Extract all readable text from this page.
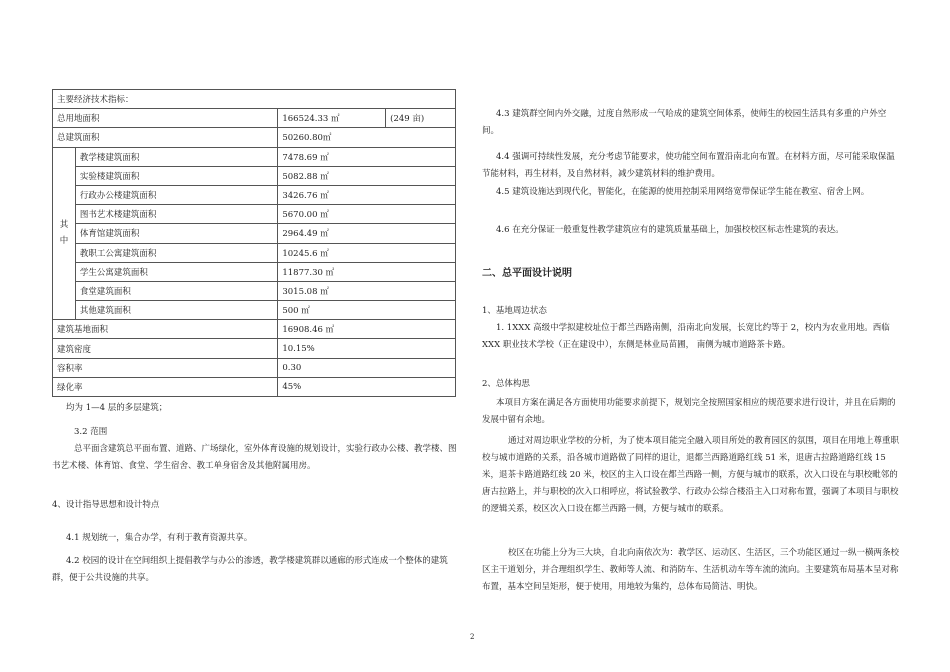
主要经济技术指标：			
总用地面积		166524.33 ㎡	(249 亩)
总建筑面积		50260.80㎡	
其
中	教学楼建筑面积	7478.69 ㎡	
	实验楼建筑面积	5082.88 ㎡	
	行政办公楼建筑面积	3426.76 ㎡	
	图书艺术楼建筑面积	5670.00 ㎡	
	体育馆建筑面积	2964.49 ㎡	
	教职工公寓建筑面积	10245.6 ㎡	
	学生公寓建筑面积	11877.30 ㎡	
	食堂建筑面积	3015.08 ㎡	
	其他建筑面积	500 ㎡	
建筑基地面积		16908.46 ㎡	
建筑密度		10.15%	
容积率		0.30	
绿化率		45%	

均为 1—4 层的多层建筑；

3.2 范围

总平面含建筑总平面布置、道路、广场绿化，室外体育设施的规划设计，实验行政办公楼、教学楼、图书艺术楼、体育馆、食堂、学生宿舍、教工单身宿舍及其他附属用房。

4、设计指导思想和设计特点

4.1 规划统一，集合办学，有利于教育资源共享。

4.2 校园的设计在空间组织上提倡教学与办公的渗透，教学楼建筑群以通廊的形式连成一个整体的建筑群，便于公共设施的共享。

4.3 建筑群空间内外交融，过度自然形成一气哈成的建筑空间体系，使师生的校园生活具有多重的户外空间。

4.4 强调可持续性发展，充分考虑节能要求，使功能空间布置沿南北向布置。在材料方面，尽可能采取保温节能材料，再生材料，及自然材料，减少建筑材料的维护费用。

4.5 建筑设施达到现代化，智能化，在能源的使用控制采用网络宽带保证学生能在教室、宿舍上网。

4.6 在充分保证一般重复性教学建筑应有的建筑质量基础上，加强校校区标志性建筑的表达。

二、总平面设计说明

1、基地周边状态

1. 1XXX 高级中学拟建校址位于都兰西路南侧，沿南北向发展，长宽比约等于 2，校内为农业用地。西临 XXX 职业技术学校（正在建设中），东侧是林业局苗圃， 南侧为城市道路茶卡路。

2、总体构思

本项目方案在满足各方面使用功能要求前提下，规划完全按照国家相应的规范要求进行设计，并且在后期的发展中留有余地。

通过对周边职业学校的分析，为了使本项目能完全融入项目所处的教育园区的氛围，项目在用地上尊重职校与城市道路的关系，沿各城市道路做了同样的退让，退都兰西路道路红线 51 米，退唐古拉路道路红线 15 米，退茶卡路道路红线 20 米，校区的主入口设在都兰西路一侧，方便与城市的联系，次入口设在与职校毗邻的唐古拉路上，并与职校的次入口相呼应，将试验教学、行政办公综合楼沿主入口对称布置，强调了本项目与职校的逻辑关系，校区次入口设在都兰西路一侧，方便与城市的联系。

校区在功能上分为三大块，自北向南依次为：教学区、运动区、生活区，三个功能区通过一纵一横两条校区主干道划分，并合理组织学生、教师等人流、和消防车、生活机动车等车流的流向。主要建筑布局基本呈对称布置，基本空间呈矩形，便于使用，用地较为集约，总体布局简洁、明快。

2
